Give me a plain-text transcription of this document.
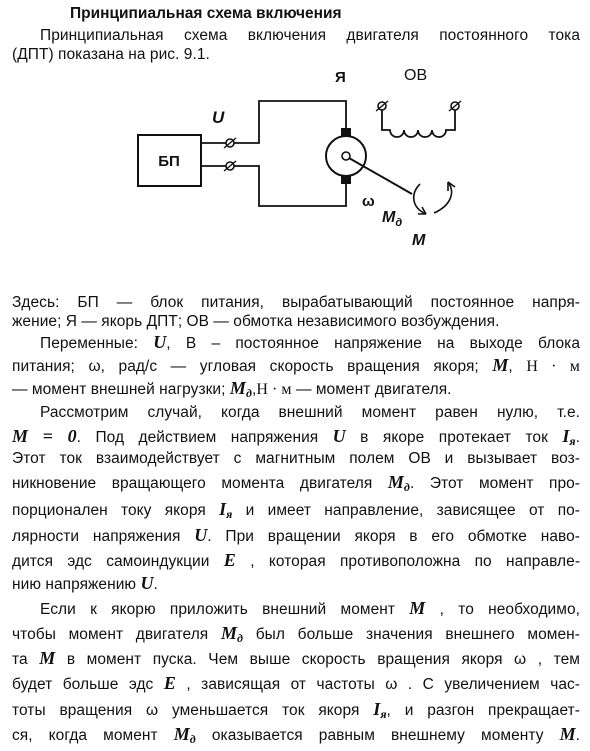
Принципиальная схема включения
Принципиальная схема включения двигателя постоянного тока
(ДПТ) показана на рис. 9.1.
БП
U
Я	ОВ
ω
$M_д$
M
Здесь: БП — блок питания, вырабатывающий постоянное напря-
жение; Я — якорь ДПТ; ОВ — обмотка независимого возбуждения.
Переменные: U, В – постоянное напряжение на выходе блока
питания; ω, рад/с — угловая скорость вращения якоря; M, Н · м
— момент внешней нагрузки; $M_д,Н \cdot м$ — момент двигателя.
Рассмотрим случай, когда внешний момент равен нулю, т.е.
M = 0. Под действием напряжения U в якоре протекает ток $I_я$.
Этот ток взаимодействует с магнитным полем ОВ и вызывает воз-
никновение вращающего момента двигателя $M_д$. Этот момент про-
порционален току якоря $I_я$ и имеет направление, зависящее от по-
лярности напряжения U. При вращении якоря в его обмотке наво-
дится эдс самоиндукции E , которая противоположна по направле-
нию напряжению U.
Если к якорю приложить внешний момент M , то необходимо,
чтобы момент двигателя $M_д$ был больше значения внешнего момен-
та M в момент пуска. Чем выше скорость вращения якоря ω , тем
будет больше эдс E , зависящая от частоты ω . С увеличением час-
тоты вращения ω уменьшается ток якоря $I_я$, и разгон прекращает-
ся, когда момент $M_д$ оказывается равным внешнему моменту M.
